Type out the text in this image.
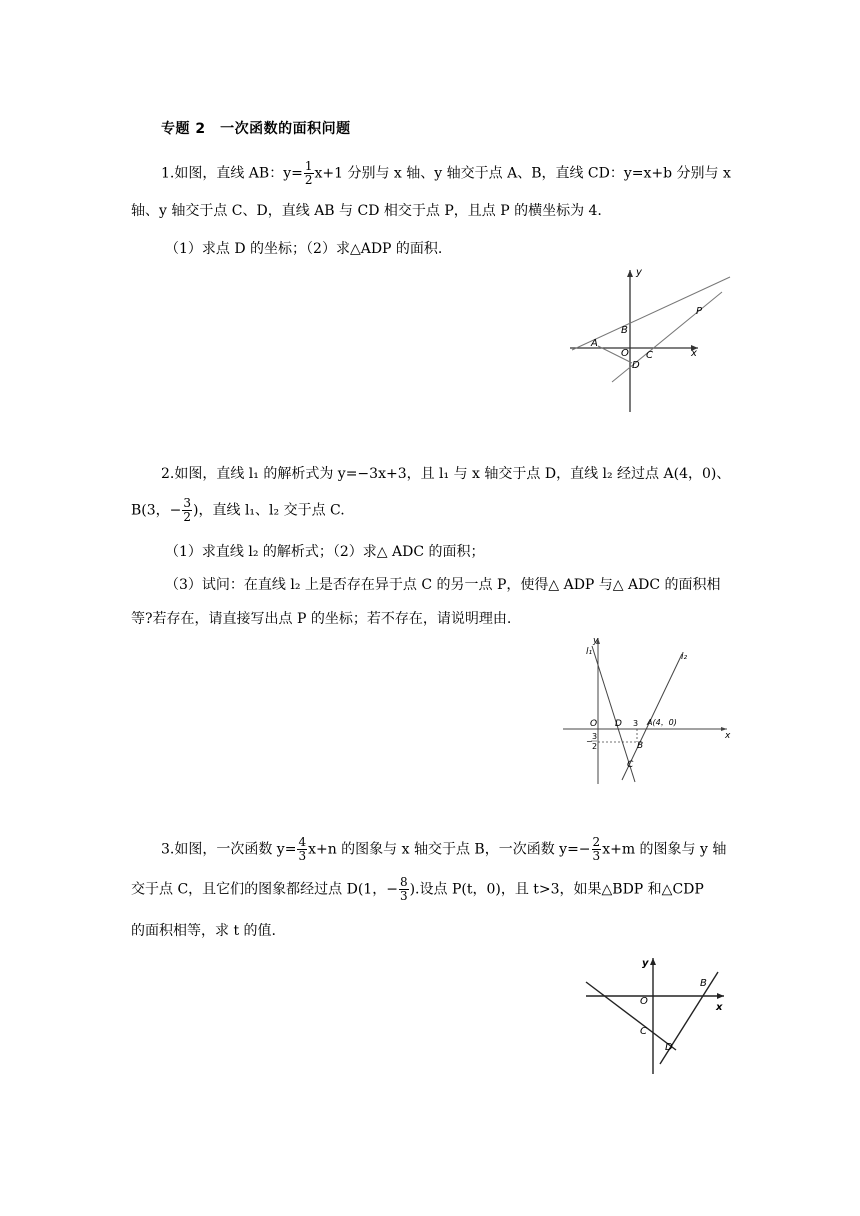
专题 2　一次函数的面积问题
1.如图，直线 AB：$y= \frac{1}{2} x+1$ 分别与 x 轴、y 轴交于点 A、B，直线 CD：y=x+b 分别与 x
轴、y 轴交于点 C、D，直线 AB 与 CD 相交于点 P，且点 P 的横坐标为 4.
（1）求点 D 的坐标；（2）求△ADP 的面积.
y
x
B
P
A
O C
D
2.如图，直线 l₁ 的解析式为 y=−3x+3，且 l₁ 与 x 轴交于点 D，直线 l₂ 经过点 A(4，0)、
B(3，− $\frac{3}{2}$ )，直线 l₁、l₂ 交于点 C.
（1）求直线 l₂ 的解析式；（2）求△ ADC 的面积；
（3）试问：在直线 l₂ 上是否存在异于点 C 的另一点 P，使得△ ADP 与△ ADC 的面积相
等?若存在，请直接写出点 P 的坐标；若不存在，请说明理由.
y
x
l₁	l₂
O D 3 A(4，0)
B
C
−
3
2
3.如图，一次函数 $y= \frac{4}{3} x+n$ 的图象与 x 轴交于点 B，一次函数 $y=- \frac{2}{3} x+m$ 的图象与 y 轴
交于点 C，且它们的图象都经过点 D(1，− $\frac{8}{3}$ ).设点 P(t，0)，且 t>3，如果△BDP 和△CDP
的面积相等，求 t 的值.
y
x
B
O
C
D
